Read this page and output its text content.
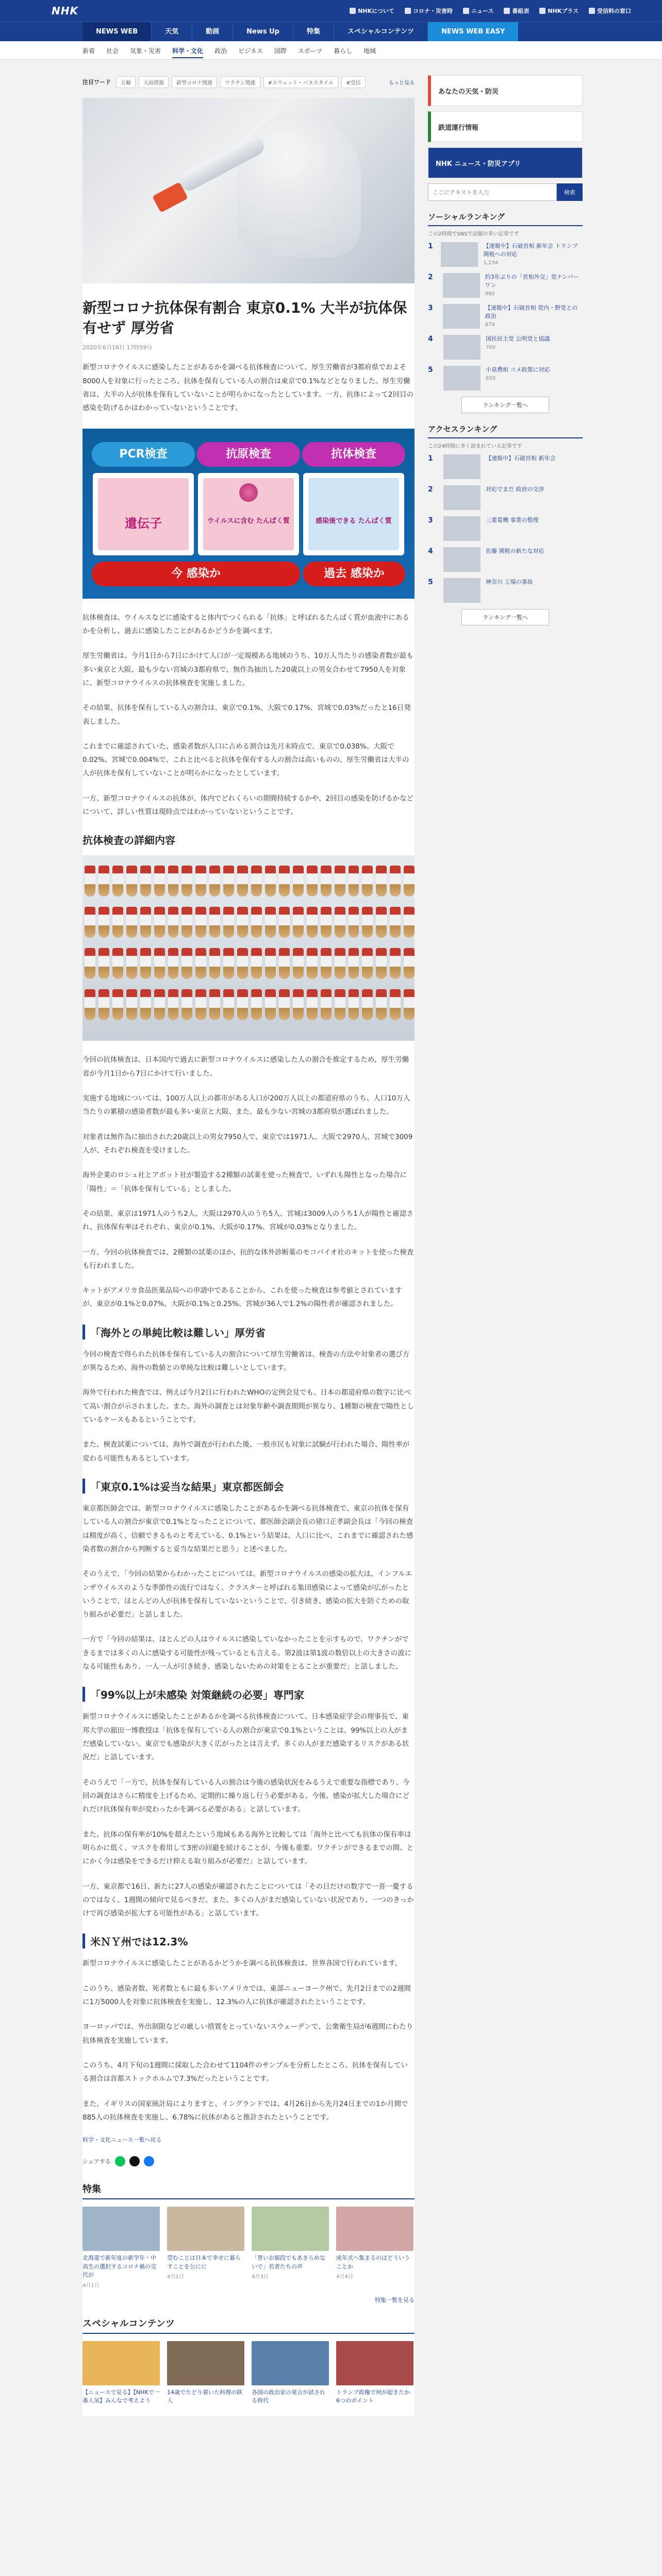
NHK	NHKについて	コロナ・災害時	ニュース	番組表	NHKプラス	受信料の窓口
NEWS WEB	天気	動画	News Up	特集	スペシャルコンテンツ	NEWS WEB EASY
新着 社会 気象・災害 科学・文化 政治 ビジネス 国際 スポーツ 暮らし 地域
注目ワード	五輪	大雨情報	新型コロナ関連	ワクチン関連	#スウェット・バヌスタイル	#受信	もっと見る
新型コロナ抗体保有割合 東京0.1% 大半が抗体保有せず 厚労省
2020年6月16日 17時59分

新型コロナウイルスに感染したことがあるかを調べる抗体検査について、厚生労働省が3都府県でおよそ8000人を対象に行ったところ、抗体を保有している人の割合は東京で0.1%などとなりました。厚生労働省は、大半の人が抗体を保有していないことが明らかになったとしています。一方、抗体によって2回目の感染を防げるかはわかっていないということです。

PCR検査	抗原検査	抗体検査
遺伝子	ウイルスに含む たんぱく質	感染後できる たんぱく質
今 感染か	過去 感染か

抗体検査は、ウイルスなどに感染すると体内でつくられる「抗体」と呼ばれるたんぱく質が血液中にあるかを分析し、過去に感染したことがあるかどうかを調べます。

厚生労働省は、今月1日から7日にかけて人口が一定規模ある地域のうち、10万人当たりの感染者数が最も多い東京と大阪、最も少ない宮城の3都府県で、無作為抽出した20歳以上の男女合わせて7950人を対象に、新型コロナウイルスの抗体検査を実施しました。

その結果、抗体を保有している人の割合は、東京で0.1%、大阪で0.17%、宮城で0.03%だったと16日発表しました。

これまでに確認されていた、感染者数が人口に占める割合は先月末時点で、東京で0.038%、大阪で0.02%、宮城で0.004%で、これと比べると抗体を保有する人の割合は高いものの、厚生労働省は大半の人が抗体を保有していないことが明らかになったとしています。

一方、新型コロナウイルスの抗体が、体内でどれくらいの期間持続するかや、2回目の感染を防げるかなどについて、詳しい性質は現時点ではわかっていないということです。

抗体検査の詳細内容

今回の抗体検査は、日本国内で過去に新型コロナウイルスに感染した人の割合を推定するため、厚生労働省が今月1日から7日にかけて行いました。

実施する地域については、100万人以上の都市がある人口が200万人以上の都道府県のうち、人口10万人当たりの累積の感染者数が最も多い東京と大阪、また、最も少ない宮城の3都府県が選ばれました。

対象者は無作為に抽出された20歳以上の男女7950人で、東京では1971人、大阪で2970人、宮城で3009人が、それぞれ検査を受けました。

海外企業のロシュ社とアボット社が製造する2種類の試薬を使った検査で、いずれも陽性となった場合に「陽性」＝「抗体を保有している」としました。

その結果、東京は1971人のうち2人、大阪は2970人のうち5人、宮城は3009人のうち1人が陽性と確認され、抗体保有率はそれぞれ、東京が0.1%、大阪が0.17%、宮城が0.03%となりました。

一方、今回の抗体検査では、2種類の試薬のほか、抗的な体外診断薬のモコバイオ社のキットを使った検査も行われました。

キットがアメリカ食品医薬品局への申請中であることから、これを使った検査は参考値とされていますが、東京が0.1%と0.07%、大阪が0.1%と0.25%、宮城が36人で1.2%の陽性者が確認されました。

「海外との単純比較は難しい」厚労省

今回の検査で得られた抗体を保有している人の割合について厚生労働省は、検査の方法や対象者の選び方が異なるため、海外の数値との単純な比較は難しいとしています。

海外で行われた検査では、例えば今月2日に行われたWHOの定例会見でも、日本の都道府県の数字に比べて高い割合が示されました。また、海外の調査とは対象年齢や調査期間が異なり、1種類の検査で陽性としているケースもあるということです。

また、検査試薬については、海外で調査が行われた後、一般市民も対象に試験が行われた場合、陽性率が変わる可能性もあるとしています。

「東京0.1%は妥当な結果」東京都医師会

東京都医師会では、新型コロナウイルスに感染したことがあるかを調べる抗体検査で、東京の抗体を保有している人の割合が東京で0.1%となったことについて、都医師会副会長の猪口正孝副会長は「今回の検査は精度が高く、信頼できるものと考えている。0.1%という結果は、人口に比べ、これまでに確認された感染者数の割合から判断すると妥当な結果だと思う」と述べました。

そのうえで、「今回の結果からわかったことについては、新型コロナウイルスの感染の拡大は、インフルエンザウイルスのような季節性の流行ではなく、クラスターと呼ばれる集団感染によって感染が広がったということで、ほとんどの人が抗体を保有していないということで、引き続き、感染の拡大を防ぐための取り組みが必要だ」と話しました。

一方で「今回の結果は、ほとんどの人はウイルスに感染していなかったことを示すもので、ワクチンができるまでは多くの人に感染する可能性が残っているとも言える。第2波は第1波の数倍以上の大きさの波になる可能性もあり、一人一人が引き続き、感染しないための対策をとることが重要だ」と話しました。

「99%以上が未感染 対策継続の必要」専門家

新型コロナウイルスに感染したことがあるかを調べる抗体検査について、日本感染症学会の理事長で、東邦大学の舘田一博教授は「抗体を保有している人の割合が東京で0.1%ということは、99%以上の人がまだ感染していない。東京でも感染が大きく広がったとは言えず、多くの人がまだ感染するリスクがある状況だ」と話しています。

そのうえで「一方で、抗体を保有している人の割合は今後の感染状況をみるうえで重要な指標であり、今回の調査はさらに精度を上げるため、定期的に繰り返し行う必要がある。今後、感染が拡大した場合にどれだけ抗体保有率が変わったかを調べる必要がある」と話しています。

また、抗体の保有率が10%を超えたという地域もある海外と比較しては「海外と比べても抗体の保有率は明らかに低く、マスクを着用して3密の回避を続けることが、今後も重要。ワクチンができるまでの間、とにかく今は感染をできるだけ抑える取り組みが必要だ」と話しています。

一方、東京都で16日、新たに27人の感染が確認されたことについては「その日だけの数字で一喜一憂するのではなく、1週間の傾向で見るべきだ。また、多くの人がまだ感染していない状況であり、一つのきっかけで再び感染が拡大する可能性がある」と話しています。

米ＮＹ州では12.3%

新型コロナウイルスに感染したことがあるかどうかを調べる抗体検査は、世界各国で行われています。

このうち、感染者数、死者数ともに最も多いアメリカでは、東部ニューヨーク州で、先月2日までの2週間に1万5000人を対象に抗体検査を実施し、12.3%の人に抗体が確認されたということです。

ヨーロッパでは、外出制限などの厳しい措置をとっていないスウェーデンで、公衆衛生局が6週間にわたり抗体検査を実施しています。

このうち、4月下旬の1週間に採取した合わせて1104件のサンプルを分析したところ、抗体を保有している割合は首都ストックホルムで7.3%だったということです。

また、イギリスの国家統計局によりますと、イングランドでは、4月26日から先月24日までの1か月間で885人の抗体検査を実施し、6.78%に抗体があると推計されたということです。

科学・文化ニュース一覧へ戻る
シェアする
特集
北海道で新年度の新学年・中高生の選択するコロナ禍の交代が
4月1日
望むことは日本で幸せに暮らすことを公にに
4月2日
「普いお値段でもあきらめないで」若者たちの声
4月3日
成年式へ集まるのはどういうことか
4月4日
特集一覧を見る
スペシャルコンテンツ
【ニュースで見る】【NHKで一番人気】みんなで考えよう
14歳でたどり着いた料理の鉄人
各国の政治家の発言が試される時代
トランプ政権で何が起きたか 6つのポイント
あなたの天気・防災
鉄道運行情報
NHK ニュース・防災アプリ
ここにテキストを入力
検索
ソーシャルランキング
この2時間でSNSで話題の多い記事です
1	【速報中】石破首相 新年会 トランプ関税への対応
1,234
2	約3年ぶりの「首相外交」党ナンバーワン
980
3	【速報中】石破首相 党内・野党との政治
874
4	国民民主党 公明党と協議
760
5	小泉農相 コメ政策に対応
650
ランキング一覧へ
アクセスランキング
この24時間に多く読まれている記事です
1	【速報中】石破首相 新年会
2	対応でまだ 政府の交渉
3	三菱電機 事業の整理
4	佐藤 関税の新たな対応
5	神奈川 工場の事故
ランキング一覧へ
